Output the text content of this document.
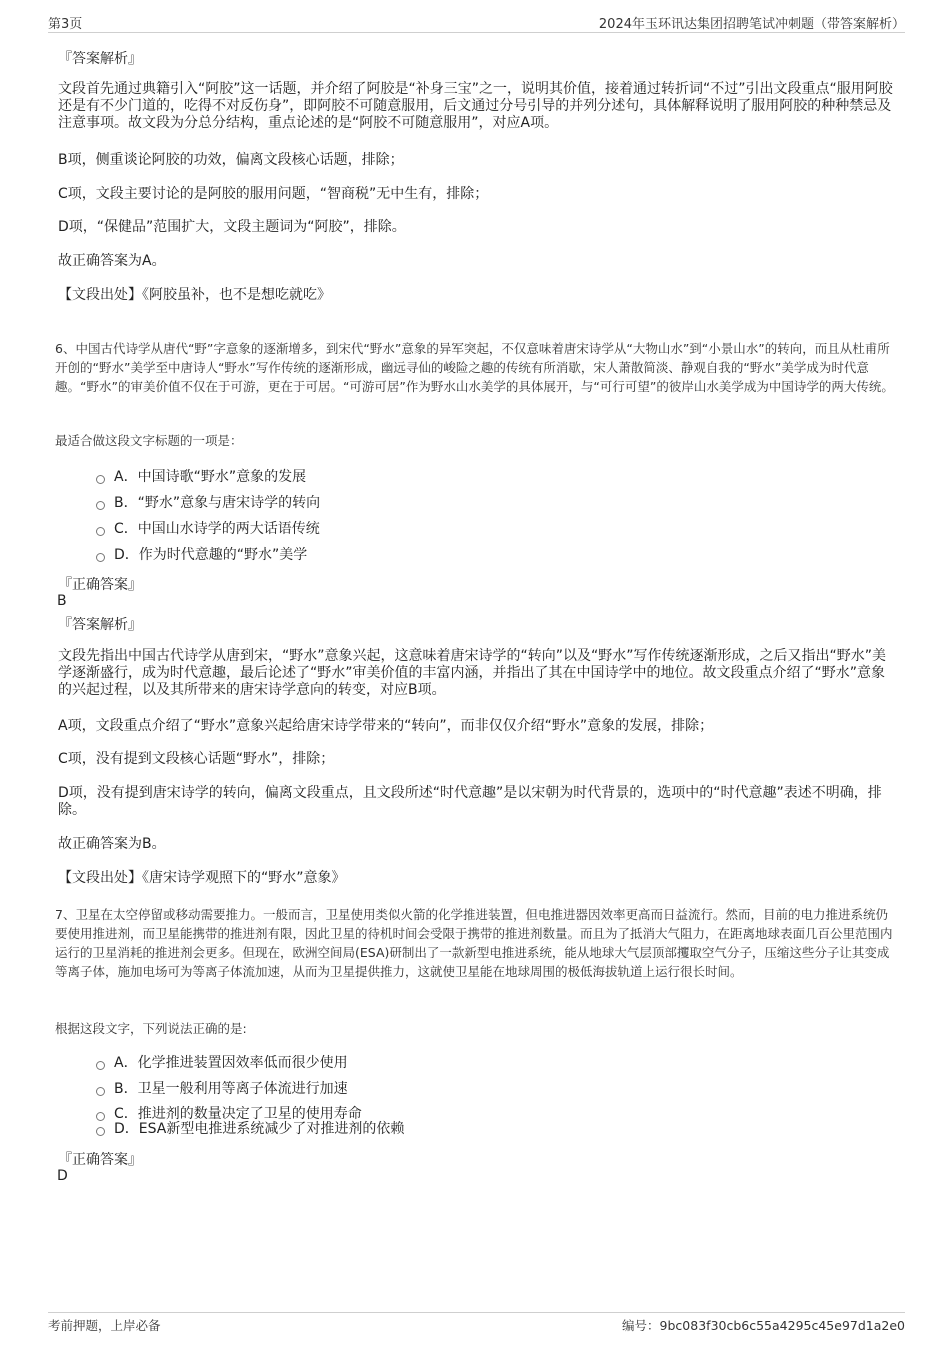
第3页	2024年玉环讯达集团招聘笔试冲刺题（带答案解析）
『答案解析』
文段首先通过典籍引入“阿胶”这一话题，并介绍了阿胶是“补身三宝”之一，说明其价值，接着通过转折词“不过”引出文段重点“服用阿胶还是有不少门道的，吃得不对反伤身”，即阿胶不可随意服用，后文通过分号引导的并列分述句，具体解释说明了服用阿胶的种种禁忌及注意事项。故文段为分总分结构，重点论述的是“阿胶不可随意服用”，对应A项。
B项，侧重谈论阿胶的功效，偏离文段核心话题，排除；
C项，文段主要讨论的是阿胶的服用问题，“智商税”无中生有，排除；
D项，“保健品”范围扩大，文段主题词为“阿胶”，排除。
故正确答案为A。
【文段出处】《阿胶虽补，也不是想吃就吃》
6、中国古代诗学从唐代“野”字意象的逐渐增多，到宋代“野水”意象的异军突起，不仅意味着唐宋诗学从“大物山水”到“小景山水”的转向，而且从杜甫所开创的“野水”美学至中唐诗人“野水”写作传统的逐渐形成，幽远寻仙的峻险之趣的传统有所消歇，宋人萧散简淡、静观自我的“野水”美学成为时代意趣。“野水”的审美价值不仅在于可游，更在于可居。“可游可居”作为野水山水美学的具体展开，与“可行可望”的彼岸山水美学成为中国诗学的两大传统。
最适合做这段文字标题的一项是：
A．中国诗歌“野水”意象的发展
B．“野水”意象与唐宋诗学的转向
C．中国山水诗学的两大话语传统
D．作为时代意趣的“野水”美学
『正确答案』
B
『答案解析』
文段先指出中国古代诗学从唐到宋，“野水”意象兴起，这意味着唐宋诗学的“转向”以及“野水”写作传统逐渐形成，之后又指出“野水”美学逐渐盛行，成为时代意趣，最后论述了“野水”审美价值的丰富内涵，并指出了其在中国诗学中的地位。故文段重点介绍了“野水”意象的兴起过程，以及其所带来的唐宋诗学意向的转变，对应B项。
A项，文段重点介绍了“野水”意象兴起给唐宋诗学带来的“转向”，而非仅仅介绍“野水”意象的发展，排除；
C项，没有提到文段核心话题“野水”，排除；
D项，没有提到唐宋诗学的转向，偏离文段重点，且文段所述“时代意趣”是以宋朝为时代背景的，选项中的“时代意趣”表述不明确，排除。
故正确答案为B。
【文段出处】《唐宋诗学观照下的“野水”意象》
7、卫星在太空停留或移动需要推力。一般而言，卫星使用类似火箭的化学推进装置，但电推进器因效率更高而日益流行。然而，目前的电力推进系统仍要使用推进剂，而卫星能携带的推进剂有限，因此卫星的待机时间会受限于携带的推进剂数量。而且为了抵消大气阻力，在距离地球表面几百公里范围内运行的卫星消耗的推进剂会更多。但现在，欧洲空间局(ESA)研制出了一款新型电推进系统，能从地球大气层顶部攫取空气分子，压缩这些分子让其变成等离子体，施加电场可为等离子体流加速，从而为卫星提供推力，这就使卫星能在地球周围的极低海拔轨道上运行很长时间。
根据这段文字，下列说法正确的是:
A．化学推进装置因效率低而很少使用
B．卫星一般利用等离子体流进行加速
C．推进剂的数量决定了卫星的使用寿命
D．ESA新型电推进系统减少了对推进剂的依赖
『正确答案』
D
考前押题，上岸必备	编号：9bc083f30cb6c55a4295c45e97d1a2e0
